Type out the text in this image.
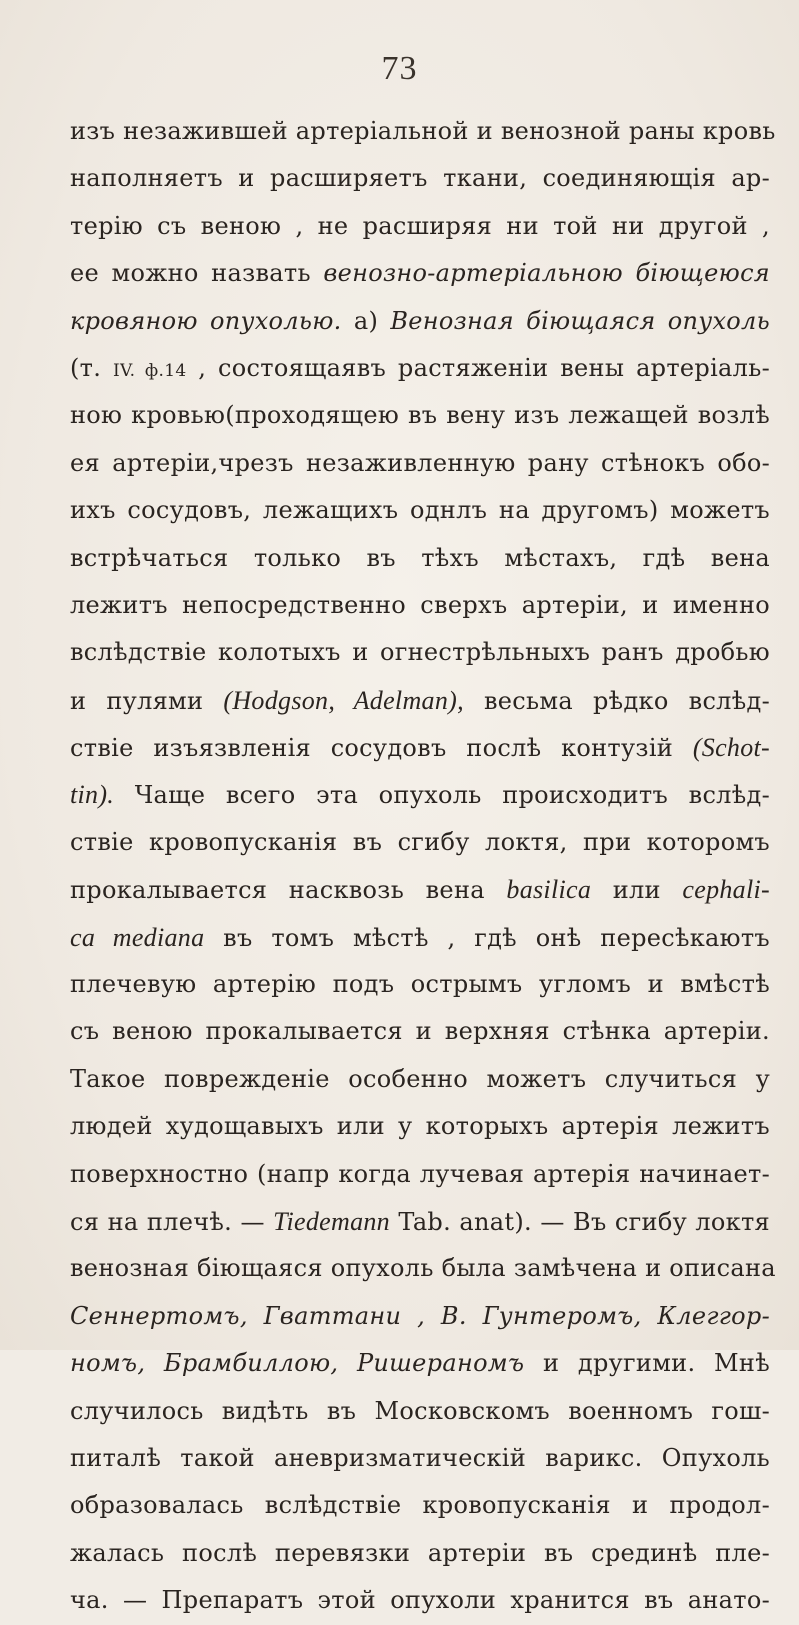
73
изъ незажившей артеріальной и венозной раны кровь
наполняетъ и расширяетъ ткани, соединяющія ар-
терію съ веною , не расширяя ни той ни другой ,
ее можно назвать венозно-артеріальною біющеюся
кровяною опухолью. а) Венозная біющаяся опухоль
(т. IV. ф.14 , состоящаявъ растяженіи вены артеріаль-
ною кровью(проходящею въ вену изъ лежащей возлѣ
ея артеріи,чрезъ незаживленную рану стѣнокъ обо-
ихъ сосудовъ, лежащихъ однлъ на другомъ) можетъ
встрѣчаться только въ тѣхъ мѣстахъ, гдѣ вена
лежитъ непосредственно сверхъ артеріи, и именно
вслѣдствіе колотыхъ и огнестрѣльныхъ ранъ дробью
и пулями (Hodgson, Adelman), весьма рѣдко вслѣд-
ствіе изъязвленія сосудовъ послѣ контузій (Schot-
tin). Чаще всего эта опухоль происходитъ вслѣд-
ствіе кровопусканія въ сгибу локтя, при которомъ
прокалывается насквозь вена basilica или cephali-
ca mediana въ томъ мѣстѣ , гдѣ онѣ пересѣкаютъ
плечевую артерію подъ острымъ угломъ и вмѣстѣ
съ веною прокалывается и верхняя стѣнка артеріи.
Такое поврежденіе особенно можетъ случиться у
людей худощавыхъ или у которыхъ артерія лежитъ
поверхностно (напр когда лучевая артерія начинает-
ся на плечѣ. — Tiedemann Tab. anat). — Въ сгибу локтя
венозная біющаяся опухоль была замѣчена и описана
Сеннертомъ, Гваттани , В. Гунтеромъ, Клеггор-
номъ, Брамбиллою, Ришераномъ и другими. Мнѣ
случилось видѣть въ Московскомъ военномъ гош-
питалѣ такой аневризматическій варикс. Опухоль
образовалась вслѣдствіе кровопусканія и продол-
жалась послѣ перевязки артеріи въ срединѣ пле-
ча. — Препаратъ этой опухоли хранится въ анато-
